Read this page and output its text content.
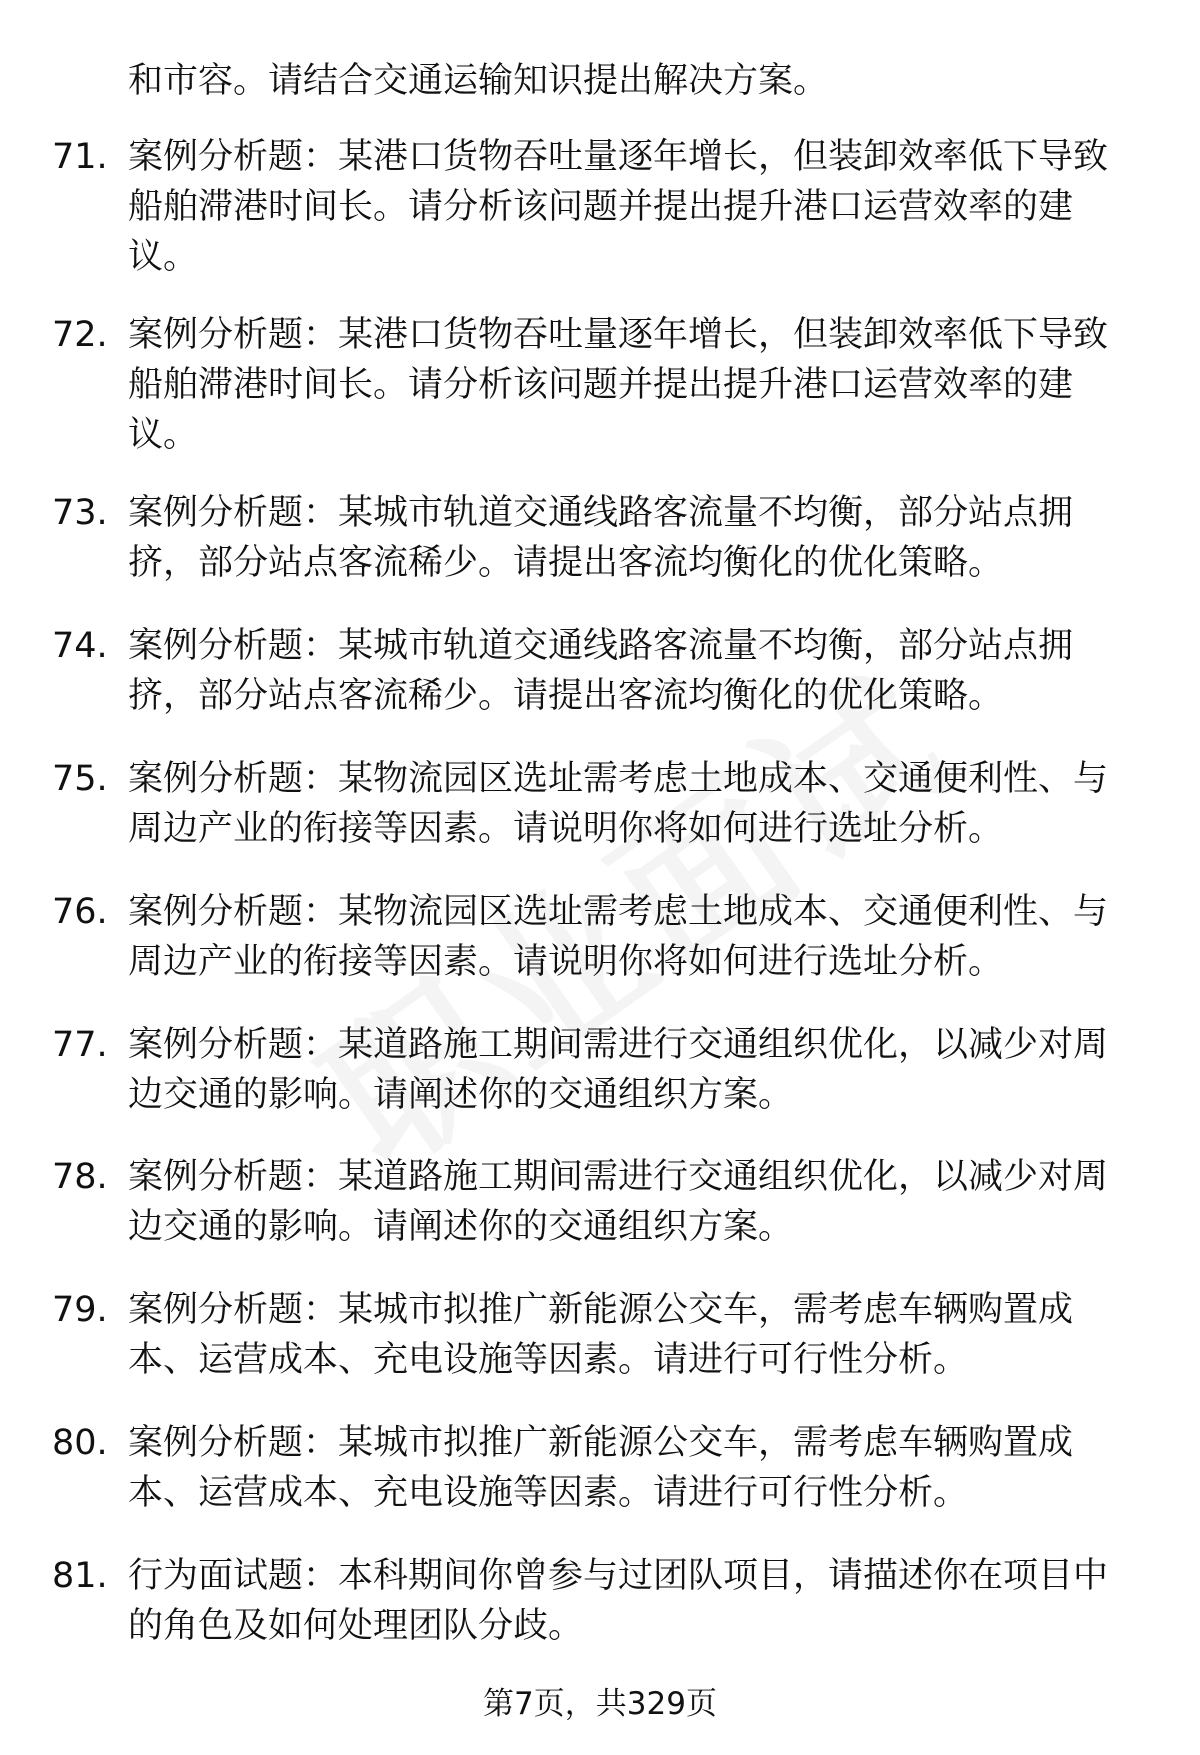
和市容。请结合交通运输知识提出解决方案。
71. 案例分析题：某港口货物吞吐量逐年增长，但装卸效率低下导致船舶滞港时间长。请分析该问题并提出提升港口运营效率的建议。
72. 案例分析题：某港口货物吞吐量逐年增长，但装卸效率低下导致船舶滞港时间长。请分析该问题并提出提升港口运营效率的建议。
73. 案例分析题：某城市轨道交通线路客流量不均衡，部分站点拥挤，部分站点客流稀少。请提出客流均衡化的优化策略。
74. 案例分析题：某城市轨道交通线路客流量不均衡，部分站点拥挤，部分站点客流稀少。请提出客流均衡化的优化策略。
75. 案例分析题：某物流园区选址需考虑土地成本、交通便利性、与周边产业的衔接等因素。请说明你将如何进行选址分析。
76. 案例分析题：某物流园区选址需考虑土地成本、交通便利性、与周边产业的衔接等因素。请说明你将如何进行选址分析。
77. 案例分析题：某道路施工期间需进行交通组织优化，以减少对周边交通的影响。请阐述你的交通组织方案。
78. 案例分析题：某道路施工期间需进行交通组织优化，以减少对周边交通的影响。请阐述你的交通组织方案。
79. 案例分析题：某城市拟推广新能源公交车，需考虑车辆购置成本、运营成本、充电设施等因素。请进行可行性分析。
80. 案例分析题：某城市拟推广新能源公交车，需考虑车辆购置成本、运营成本、充电设施等因素。请进行可行性分析。
81. 行为面试题：本科期间你曾参与过团队项目，请描述你在项目中的角色及如何处理团队分歧。
第7页，共329页
